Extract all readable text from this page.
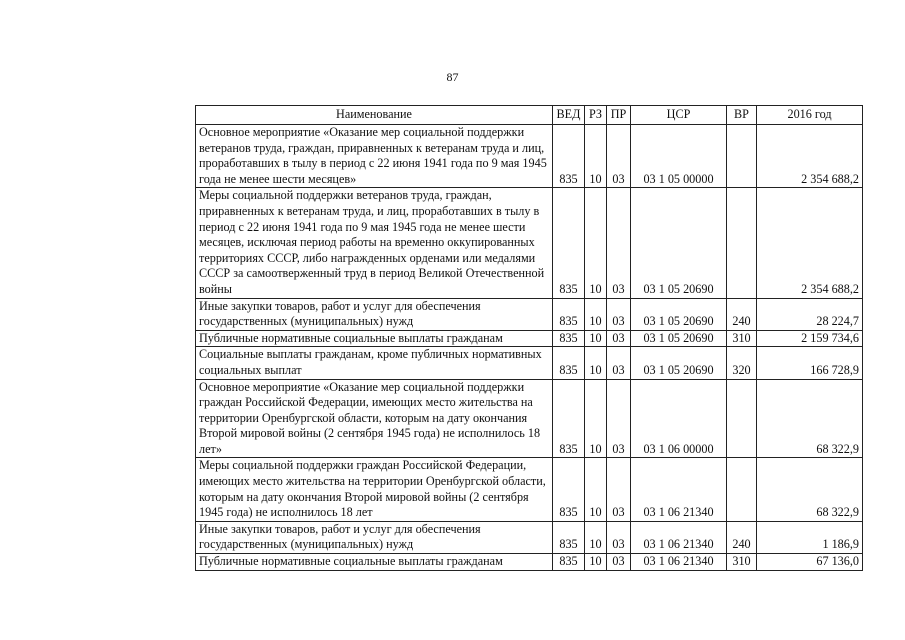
87
Наименование	ВЕД	РЗ	ПР	ЦСР	ВР	2016 год
Основное мероприятие «Оказание мер социальной поддержки ветеранов труда, граждан, приравненных к ветеранам труда и лиц, проработавших в тылу в период с 22 июня 1941 года по 9 мая 1945 года не менее шести месяцев»	835	10	03	03 1 05 00000		2 354 688,2
Меры социальной поддержки ветеранов труда, граждан, приравненных к ветеранам труда, и лиц, проработавших в тылу в период с 22 июня 1941 года по 9 мая 1945 года не менее шести месяцев, исключая период работы на временно оккупированных территориях СССР, либо награжденных орденами или медалями СССР за самоотверженный труд в период Великой Отечественной войны	835	10	03	03 1 05 20690		2 354 688,2
Иные закупки товаров, работ и услуг для обеспечения государственных (муниципальных) нужд	835	10	03	03 1 05 20690	240	28 224,7
Публичные нормативные социальные выплаты гражданам	835	10	03	03 1 05 20690	310	2 159 734,6
Социальные выплаты гражданам, кроме публичных нормативных социальных выплат	835	10	03	03 1 05 20690	320	166 728,9
Основное мероприятие «Оказание мер социальной поддержки граждан Российской Федерации, имеющих место жительства на территории Оренбургской области, которым на дату окончания Второй мировой войны (2 сентября 1945 года) не исполнилось 18 лет»	835	10	03	03 1 06 00000		68 322,9
Меры социальной поддержки граждан Российской Федерации, имеющих место жительства на территории Оренбургской области, которым на дату окончания Второй мировой войны (2 сентября 1945 года) не исполнилось 18 лет	835	10	03	03 1 06 21340		68 322,9
Иные закупки товаров, работ и услуг для обеспечения государственных (муниципальных) нужд	835	10	03	03 1 06 21340	240	1 186,9
Публичные нормативные социальные выплаты гражданам	835	10	03	03 1 06 21340	310	67 136,0
